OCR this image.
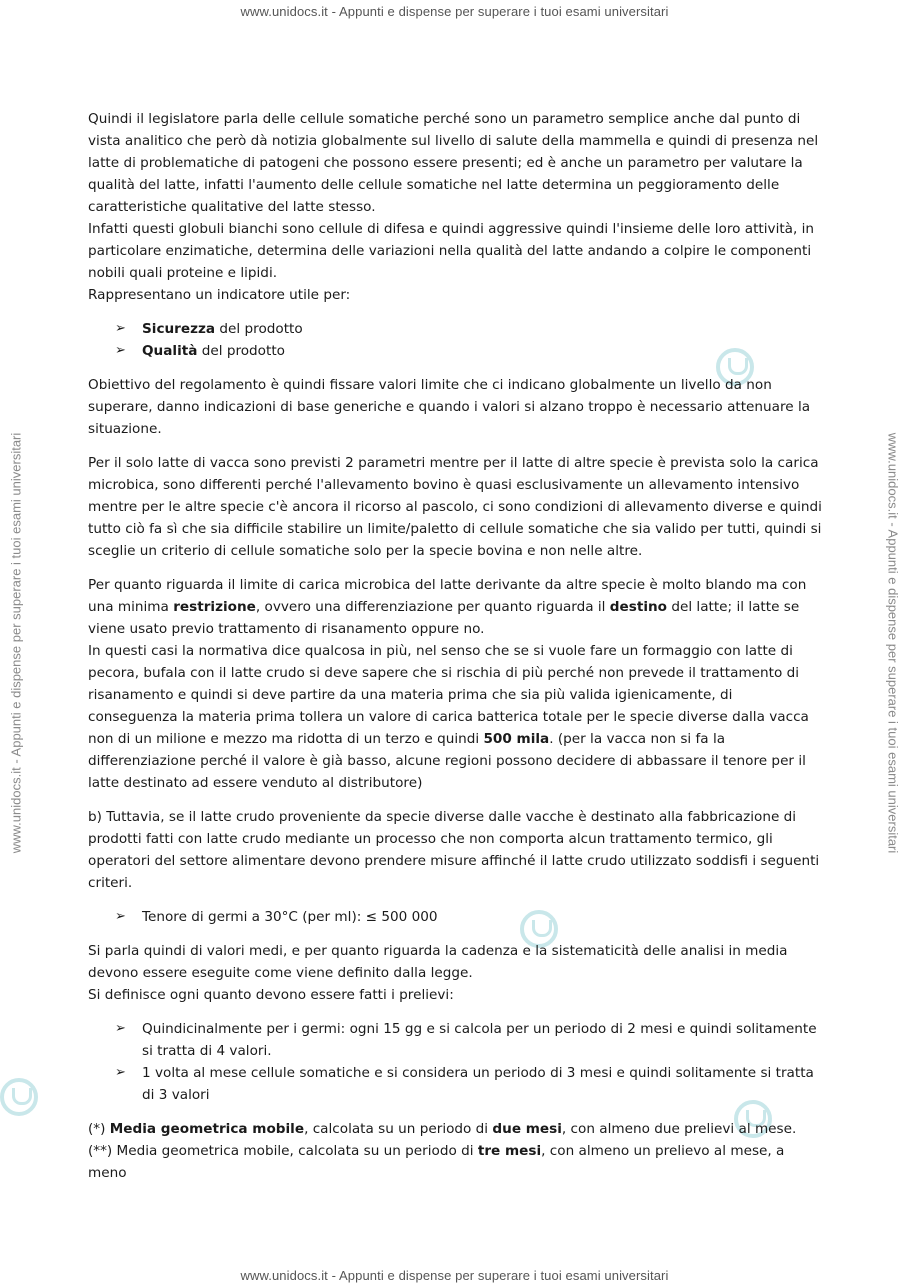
www.unidocs.it - Appunti e dispense per superare i tuoi esami universitari
www.unidocs.it - Appunti e dispense per superare i tuoi esami universitari
www.unidocs.it - Appunti e dispense per superare i tuoi esami universitari	www.unidocs.it - Appunti e dispense per superare i tuoi esami universitari

Quindi il legislatore parla delle cellule somatiche perché sono un parametro semplice anche dal punto di vista analitico che però dà notizia globalmente sul livello di salute della mammella e quindi di presenza nel latte di problematiche di patogeni che possono essere presenti; ed è anche un parametro per valutare la qualità del latte, infatti l'aumento delle cellule somatiche nel latte determina un peggioramento delle caratteristiche qualitative del latte stesso.

Infatti questi globuli bianchi sono cellule di difesa e quindi aggressive quindi l'insieme delle loro attività, in particolare enzimatiche, determina delle variazioni nella qualità del latte andando a colpire le componenti nobili quali proteine e lipidi.

Rappresentano un indicatore utile per:

➢ Sicurezza del prodotto
➢ Qualità del prodotto

Obiettivo del regolamento è quindi fissare valori limite che ci indicano globalmente un livello da non superare, danno indicazioni di base generiche e quando i valori si alzano troppo è necessario attenuare la situazione.

Per il solo latte di vacca sono previsti 2 parametri mentre per il latte di altre specie è prevista solo la carica microbica, sono differenti perché l'allevamento bovino è quasi esclusivamente un allevamento intensivo mentre per le altre specie c'è ancora il ricorso al pascolo, ci sono condizioni di allevamento diverse e quindi tutto ciò fa sì che sia difficile stabilire un limite/paletto di cellule somatiche che sia valido per tutti, quindi si sceglie un criterio di cellule somatiche solo per la specie bovina e non nelle altre.

Per quanto riguarda il limite di carica microbica del latte derivante da altre specie è molto blando ma con una minima restrizione, ovvero una differenziazione per quanto riguarda il destino del latte; il latte se viene usato previo trattamento di risanamento oppure no.

In questi casi la normativa dice qualcosa in più, nel senso che se si vuole fare un formaggio con latte di pecora, bufala con il latte crudo si deve sapere che si rischia di più perché non prevede il trattamento di risanamento e quindi si deve partire da una materia prima che sia più valida igienicamente, di conseguenza la materia prima tollera un valore di carica batterica totale per le specie diverse dalla vacca non di un milione e mezzo ma ridotta di un terzo e quindi 500 mila. (per la vacca non si fa la differenziazione perché il valore è già basso, alcune regioni possono decidere di abbassare il tenore per il latte destinato ad essere venduto al distributore)

b) Tuttavia, se il latte crudo proveniente da specie diverse dalle vacche è destinato alla fabbricazione di prodotti fatti con latte crudo mediante un processo che non comporta alcun trattamento termico, gli operatori del settore alimentare devono prendere misure affinché il latte crudo utilizzato soddisfi i seguenti criteri.

➢ Tenore di germi a 30°C (per ml): ≤ 500 000

Si parla quindi di valori medi, e per quanto riguarda la cadenza e la sistematicità delle analisi in media devono essere eseguite come viene definito dalla legge.

Si definisce ogni quanto devono essere fatti i prelievi:

➢ Quindicinalmente per i germi: ogni 15 gg e si calcola per un periodo di 2 mesi e quindi solitamente si tratta di 4 valori.
➢ 1 volta al mese cellule somatiche e si considera un periodo di 3 mesi e quindi solitamente si tratta di 3 valori

(*) Media geometrica mobile, calcolata su un periodo di due mesi, con almeno due prelievi al mese.

(**) Media geometrica mobile, calcolata su un periodo di tre mesi, con almeno un prelievo al mese, a meno
